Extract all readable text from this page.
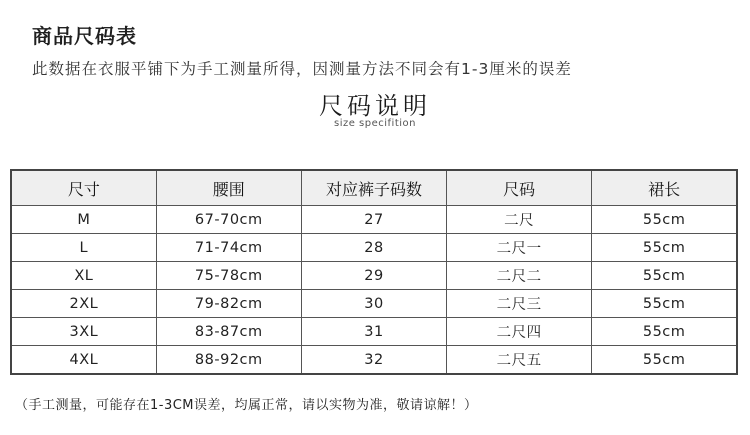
商品尺码表
此数据在衣服平铺下为手工测量所得，因测量方法不同会有1-3厘米的误差
尺码说明
size specifition
尺寸	腰围	对应裤子码数	尺码	裙长
M	67-70cm	27	二尺	55cm
L	71-74cm	28	二尺一	55cm
XL	75-78cm	29	二尺二	55cm
2XL	79-82cm	30	二尺三	55cm
3XL	83-87cm	31	二尺四	55cm
4XL	88-92cm	32	二尺五	55cm
（手工测量，可能存在1-3CM误差，均属正常，请以实物为准，敬请谅解！）
